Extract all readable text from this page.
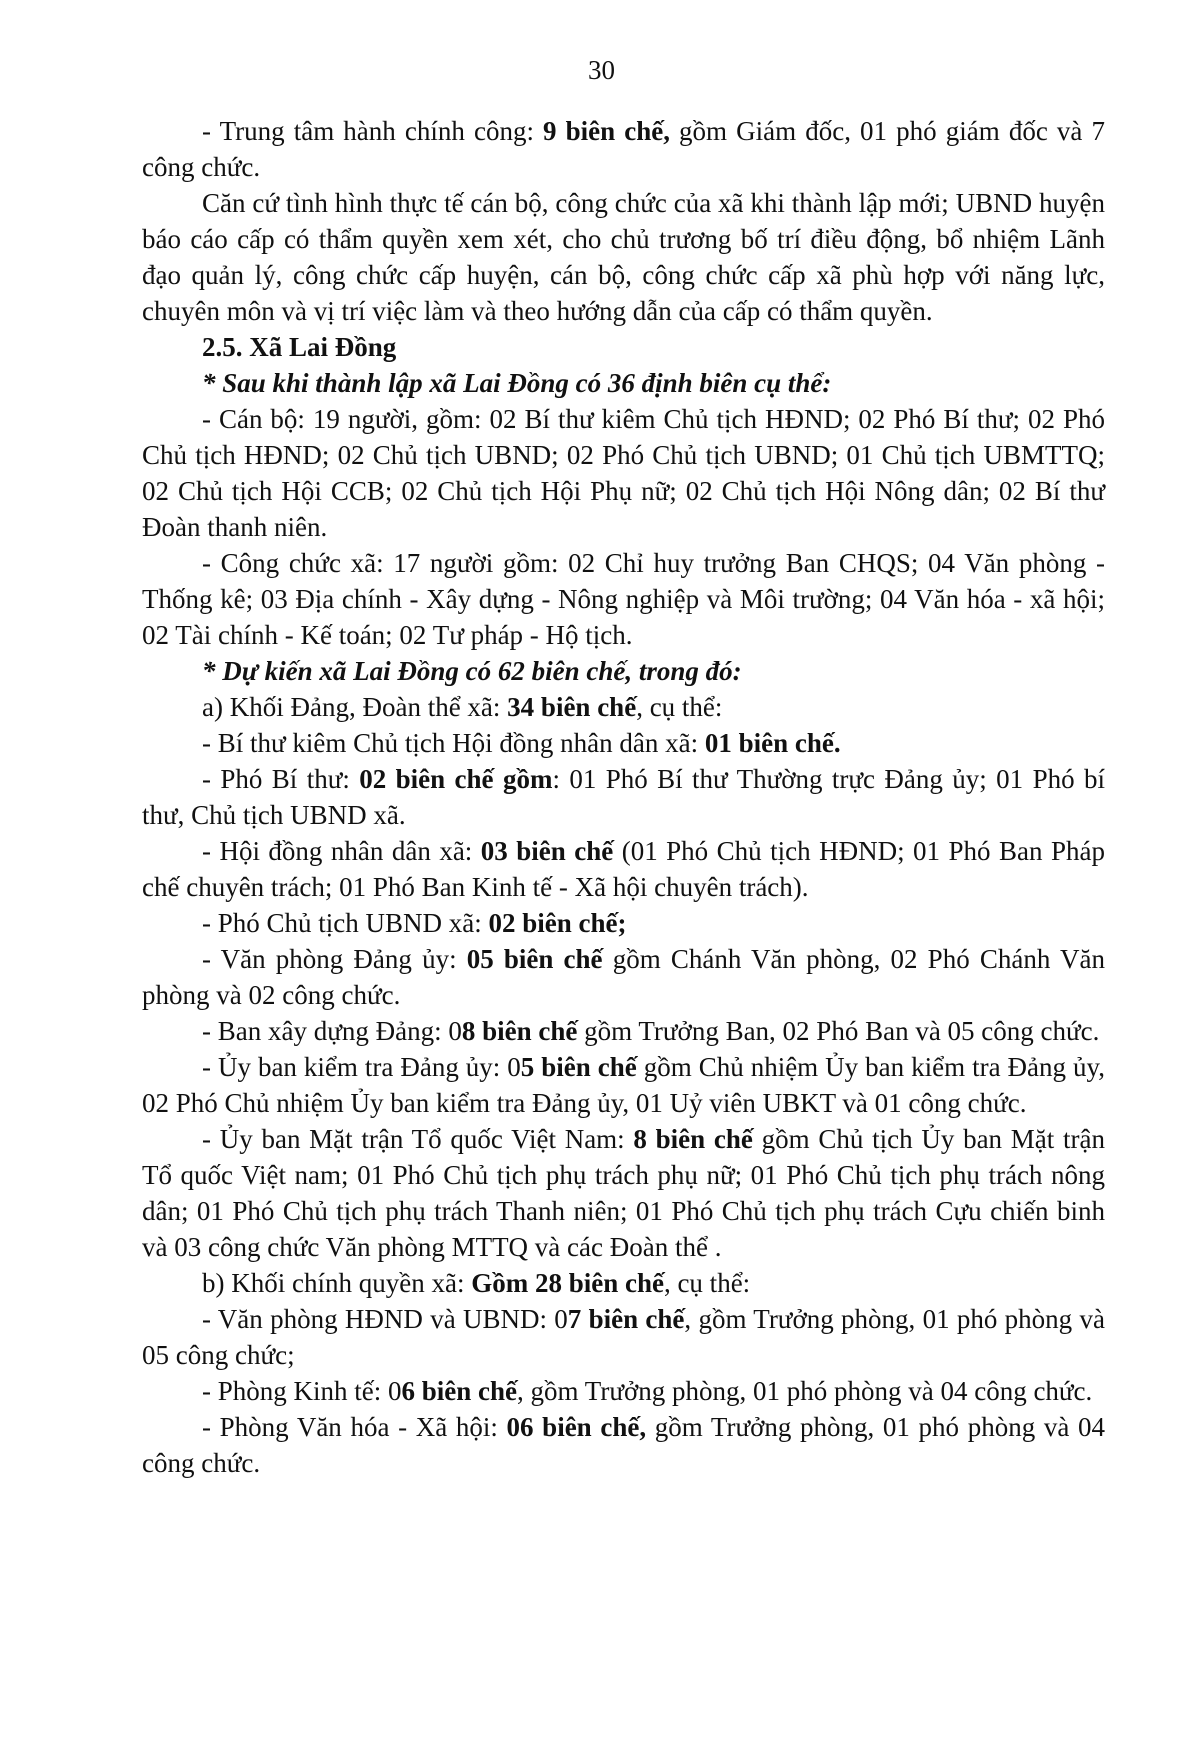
30

- Trung tâm hành chính công: 9 biên chế, gồm Giám đốc, 01 phó giám đốc và 7 công chức.

Căn cứ tình hình thực tế cán bộ, công chức của xã khi thành lập mới; UBND huyện báo cáo cấp có thẩm quyền xem xét, cho chủ trương bố trí điều động, bổ nhiệm Lãnh đạo quản lý, công chức cấp huyện, cán bộ, công chức cấp xã phù hợp với năng lực, chuyên môn và vị trí việc làm và theo hướng dẫn của cấp có thẩm quyền.

2.5. Xã Lai Đồng

* Sau khi thành lập xã Lai Đồng có 36 định biên cụ thể:

- Cán bộ: 19 người, gồm: 02 Bí thư kiêm Chủ tịch HĐND; 02 Phó Bí thư; 02 Phó Chủ tịch HĐND; 02 Chủ tịch UBND; 02 Phó Chủ tịch UBND; 01 Chủ tịch UBMTTQ; 02 Chủ tịch Hội CCB; 02 Chủ tịch Hội Phụ nữ; 02 Chủ tịch Hội Nông dân; 02 Bí thư Đoàn thanh niên.

- Công chức xã: 17 người gồm: 02 Chỉ huy trưởng Ban CHQS; 04 Văn phòng - Thống kê; 03 Địa chính - Xây dựng - Nông nghiệp và Môi trường; 04 Văn hóa - xã hội; 02 Tài chính - Kế toán; 02 Tư pháp - Hộ tịch.

* Dự kiến xã Lai Đồng có 62 biên chế, trong đó:

a) Khối Đảng, Đoàn thể xã: 34 biên chế, cụ thể:

- Bí thư kiêm Chủ tịch Hội đồng nhân dân xã: 01 biên chế.

- Phó Bí thư: 02 biên chế gồm: 01 Phó Bí thư Thường trực Đảng ủy; 01 Phó bí thư, Chủ tịch UBND xã.

- Hội đồng nhân dân xã: 03 biên chế (01 Phó Chủ tịch HĐND; 01 Phó Ban Pháp chế chuyên trách; 01 Phó Ban Kinh tế - Xã hội chuyên trách).

- Phó Chủ tịch UBND xã: 02 biên chế;

- Văn phòng Đảng ủy: 05 biên chế gồm Chánh Văn phòng, 02 Phó Chánh Văn phòng và 02 công chức.

- Ban xây dựng Đảng: 08 biên chế gồm Trưởng Ban, 02 Phó Ban và 05 công chức.

- Ủy ban kiểm tra Đảng ủy: 05 biên chế gồm Chủ nhiệm Ủy ban kiểm tra Đảng ủy, 02 Phó Chủ nhiệm Ủy ban kiểm tra Đảng ủy, 01 Uỷ viên UBKT và 01 công chức.

- Ủy ban Mặt trận Tổ quốc Việt Nam: 8 biên chế gồm Chủ tịch Ủy ban Mặt trận Tổ quốc Việt nam; 01 Phó Chủ tịch phụ trách phụ nữ; 01 Phó Chủ tịch phụ trách nông dân; 01 Phó Chủ tịch phụ trách Thanh niên; 01 Phó Chủ tịch phụ trách Cựu chiến binh và 03 công chức Văn phòng MTTQ và các Đoàn thể .

b) Khối chính quyền xã: Gồm 28 biên chế, cụ thể:

- Văn phòng HĐND và UBND: 07 biên chế, gồm Trưởng phòng, 01 phó phòng và 05 công chức;

- Phòng Kinh tế: 06 biên chế, gồm Trưởng phòng, 01 phó phòng và 04 công chức.

- Phòng Văn hóa - Xã hội: 06 biên chế, gồm Trưởng phòng, 01 phó phòng và 04 công chức.
